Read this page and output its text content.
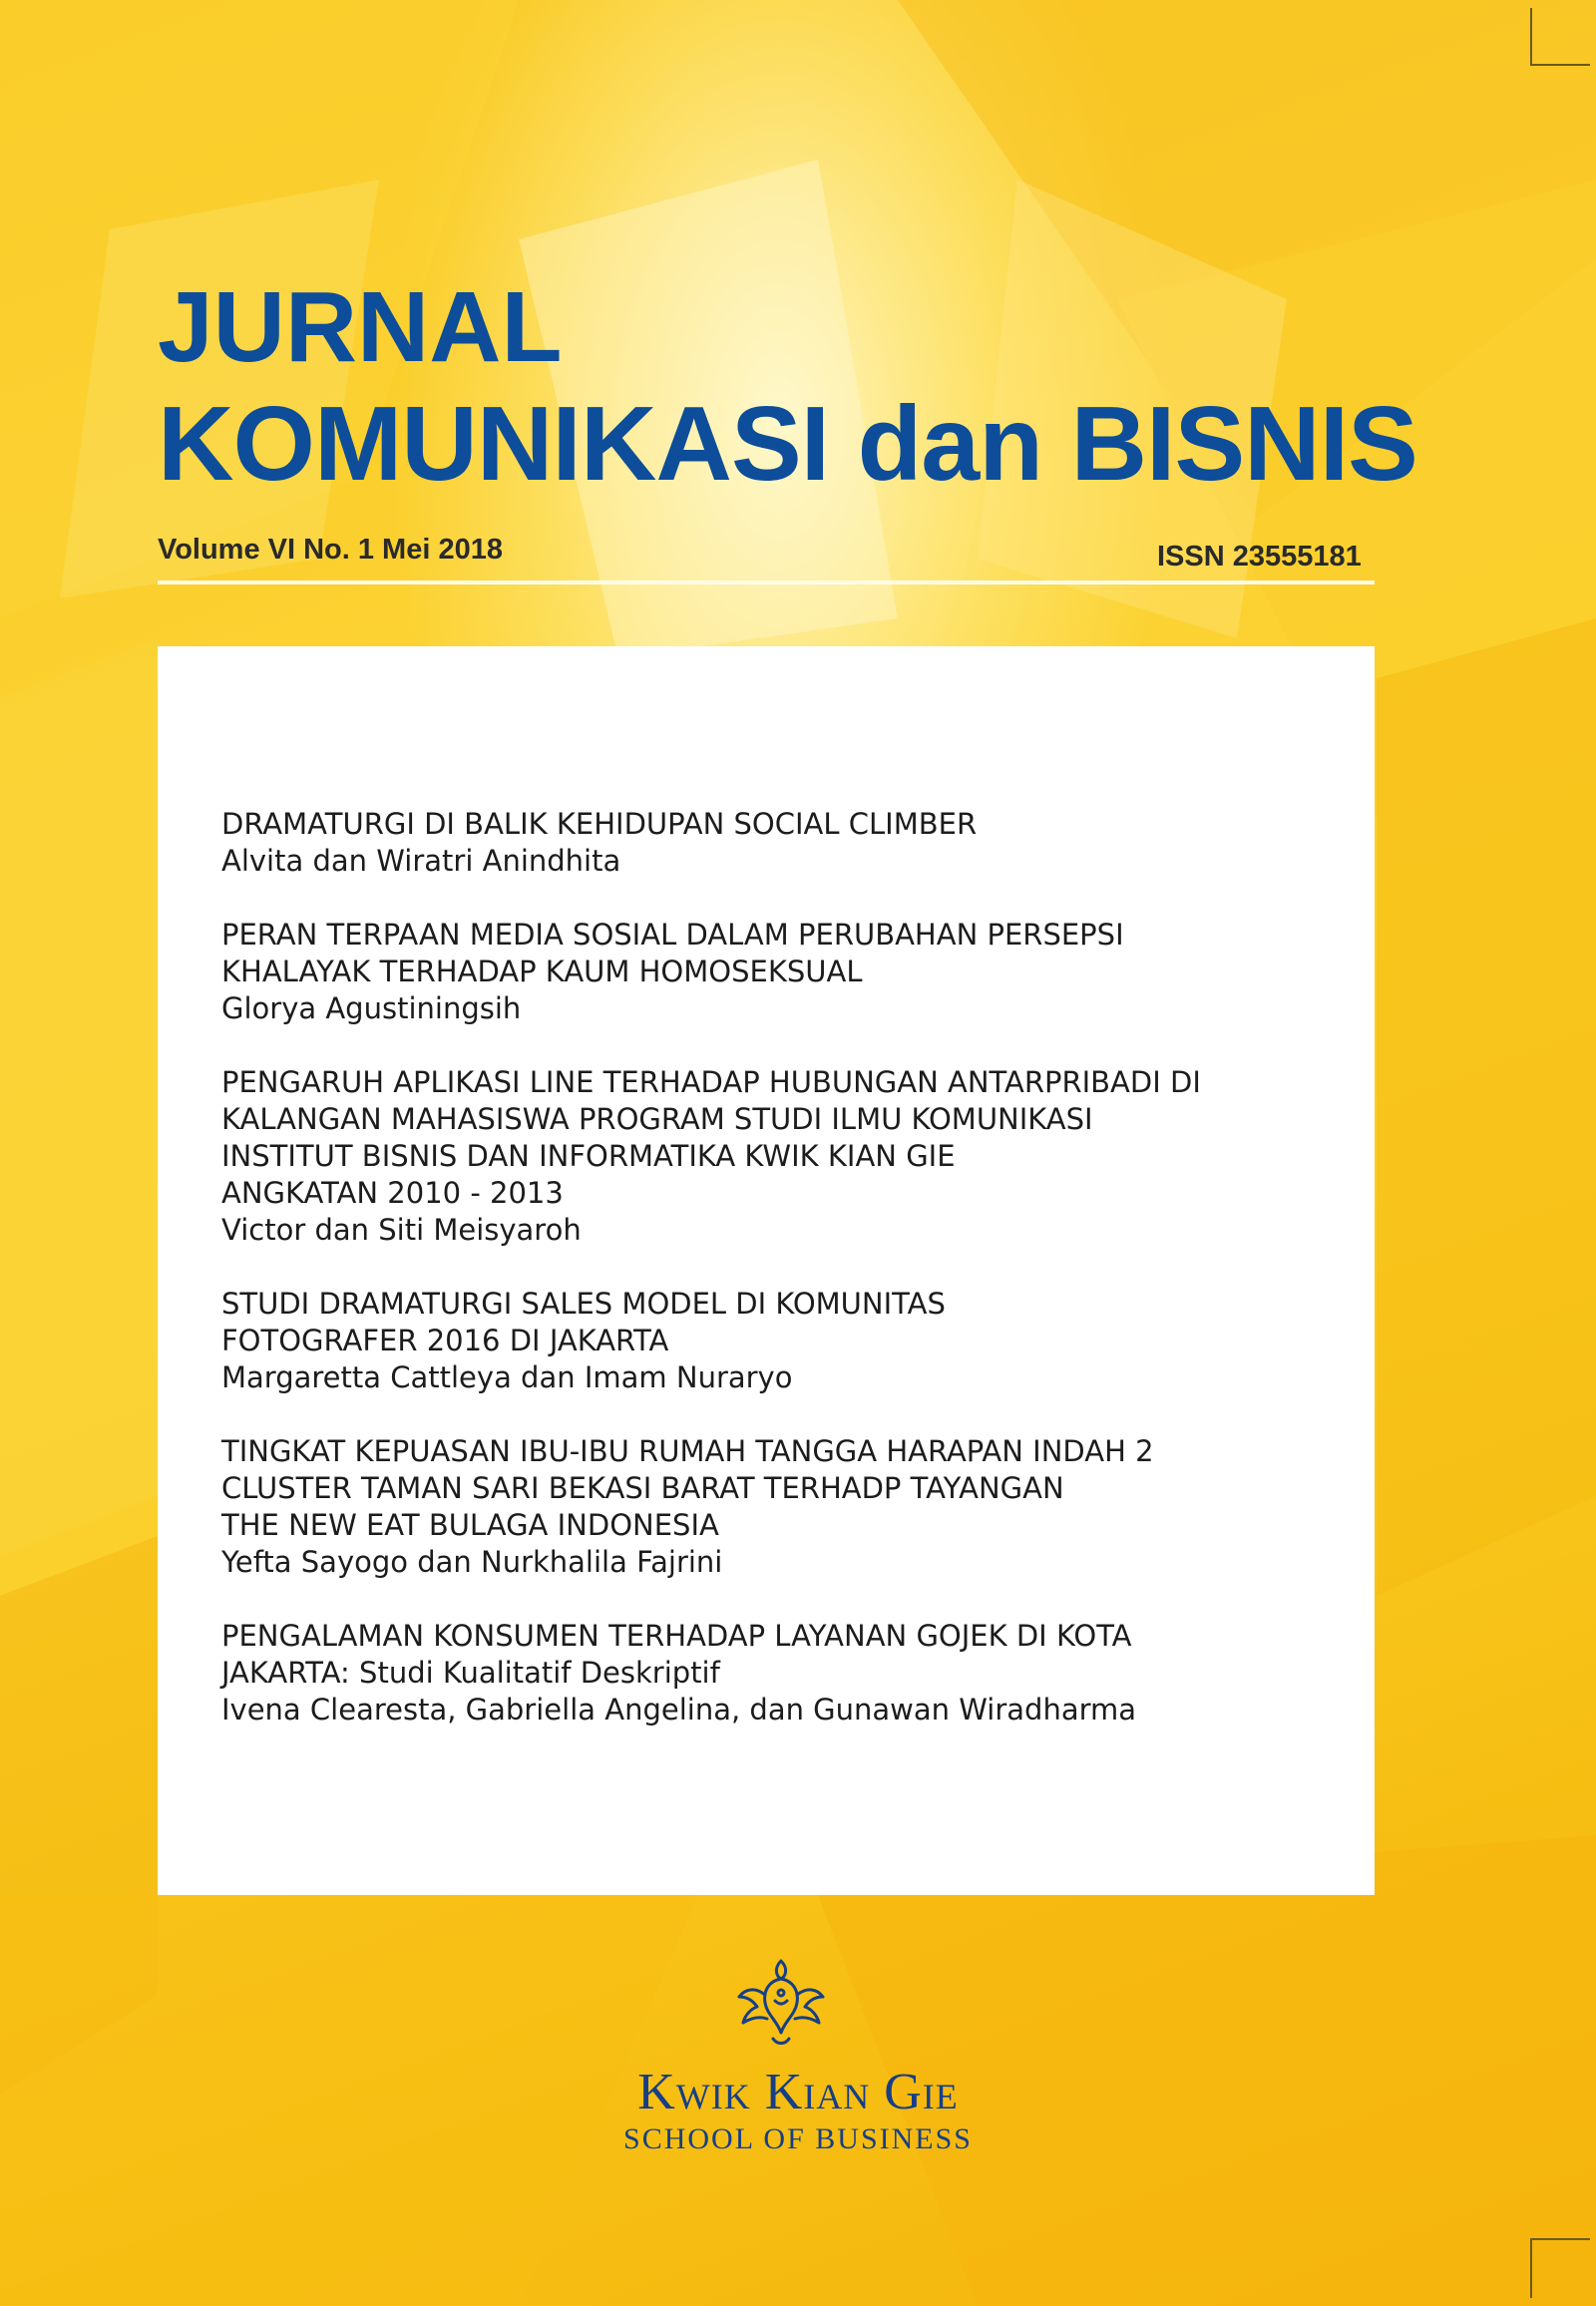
JURNAL
KOMUNIKASI dan BISNIS
Volume VI No. 1 Mei 2018	ISSN 23555181
DRAMATURGI DI BALIK KEHIDUPAN SOCIAL CLIMBER
Alvita dan Wiratri Anindhita
PERAN TERPAAN MEDIA SOSIAL DALAM PERUBAHAN PERSEPSI
KHALAYAK TERHADAP KAUM HOMOSEKSUAL
Glorya Agustiningsih
PENGARUH APLIKASI LINE TERHADAP HUBUNGAN ANTARPRIBADI DI
KALANGAN MAHASISWA PROGRAM STUDI ILMU KOMUNIKASI
INSTITUT BISNIS DAN INFORMATIKA KWIK KIAN GIE
ANGKATAN 2010 - 2013
Victor dan Siti Meisyaroh
STUDI DRAMATURGI SALES MODEL DI KOMUNITAS
FOTOGRAFER 2016 DI JAKARTA
Margaretta Cattleya dan Imam Nuraryo
TINGKAT KEPUASAN IBU-IBU RUMAH TANGGA HARAPAN INDAH 2
CLUSTER TAMAN SARI BEKASI BARAT TERHADP TAYANGAN
THE NEW EAT BULAGA INDONESIA
Yefta Sayogo dan Nurkhalila Fajrini
PENGALAMAN KONSUMEN TERHADAP LAYANAN GOJEK DI KOTA
JAKARTA: Studi Kualitatif Deskriptif
Ivena Clearesta, Gabriella Angelina, dan Gunawan Wiradharma
Kwik Kian Gie
SCHOOL OF BUSINESS
